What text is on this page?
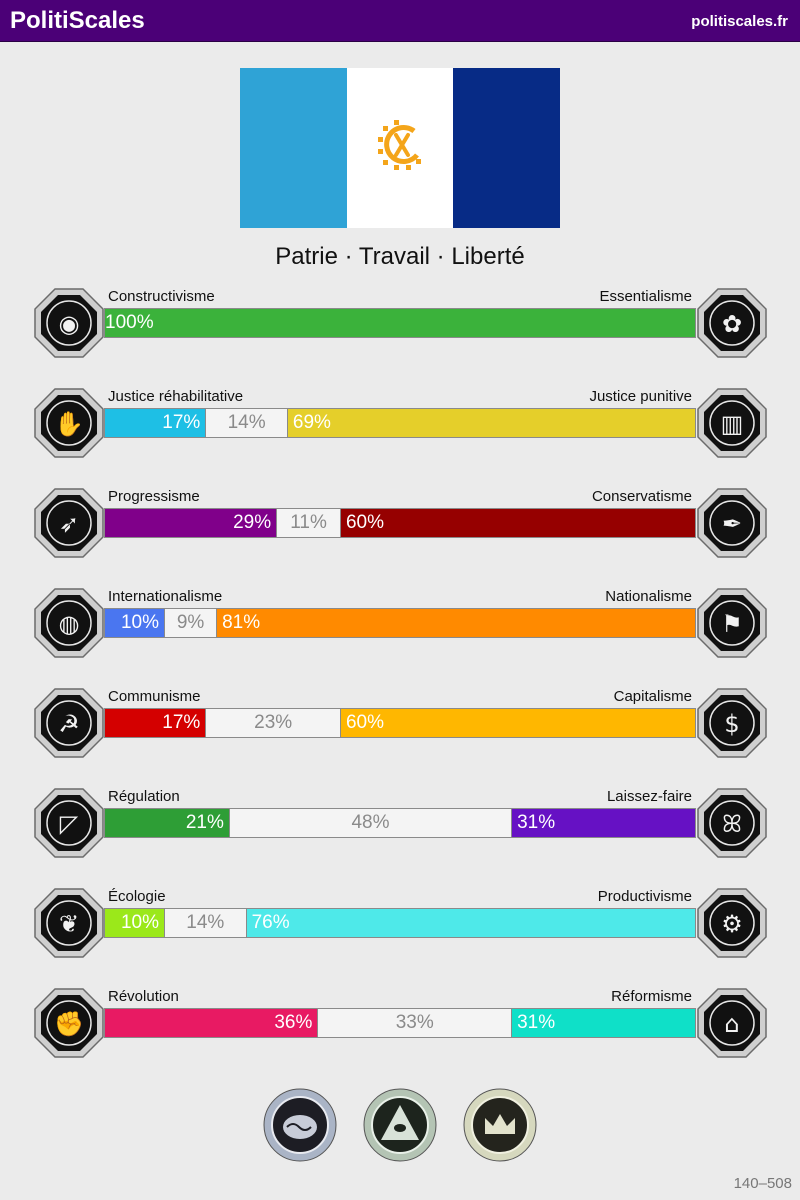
PolitiScales	politiscales.fr
Patrie · Travail · Liberté
Constructivisme	Essentialisme
100%
◉	✿
Justice réhabilitative	Justice punitive
17%	14%	69%
✋	▥
Progressisme	Conservatisme
29%	11%	60%
➶	✒
Internationalisme	Nationalisme
10% 9% 81%
◍	⚑
Communisme	Capitalisme
17%	23%	60%
☭	$
Régulation	Laissez-faire
21%	48%	31%
◸	ꕤ
Écologie	Productivisme
10%	14%	76%
❦	⚙
Révolution	Réformisme
36%	33%	31%
✊	⌂
140–508
